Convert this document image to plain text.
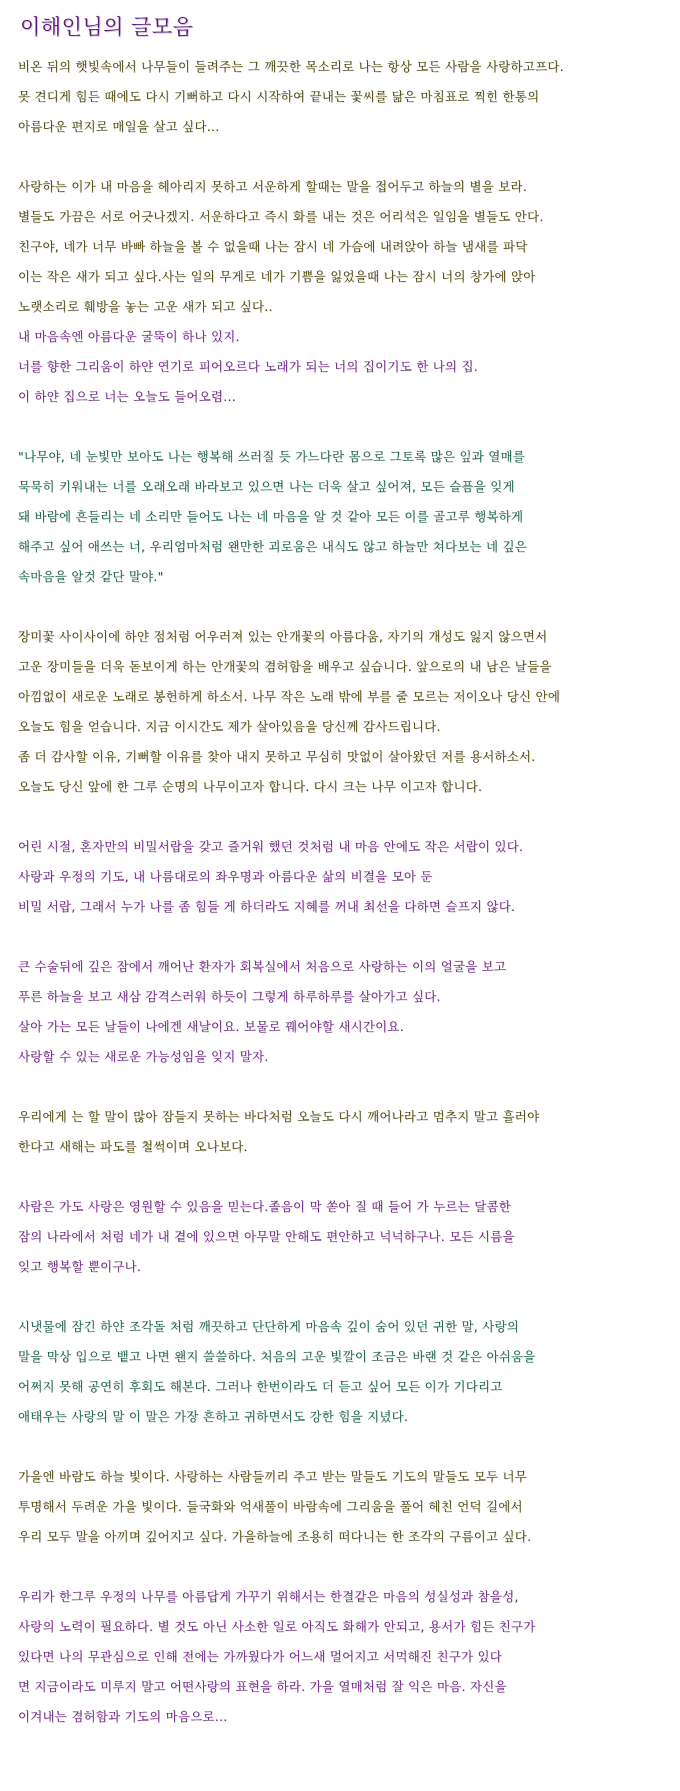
이해인님의 글모음
비온 뒤의 햇빛속에서 나무들이 들려주는 그 깨끗한 목소리로 나는 항상 모든 사람을 사랑하고프다.
못 견디게 힘든 때에도 다시 기뻐하고 다시 시작하여 끝내는 꽃씨를 닮은 마침표로 찍힌 한통의
아름다운 편지로 매일을 살고 싶다...

사랑하는 이가 내 마음을 헤아리지 못하고 서운하게 할때는 말을 접어두고 하늘의 별을 보라.
별들도 가끔은 서로 어긋나겠지. 서운하다고 즉시 화를 내는 것은 어리석은 일임을 별들도 안다.
친구야, 네가 너무 바빠 하늘을 볼 수 없을때 나는 잠시 네 가슴에 내려앉아 하늘 냄새를 파닥
이는 작은 새가 되고 싶다.사는 일의 무게로 네가 기쁨을 잃었을때 나는 잠시 너의 창가에 앉아
노랫소리로 훼방을 놓는 고운 새가 되고 싶다..
내 마음속엔 아름다운 굴뚝이 하나 있지.
너를 향한 그리움이 하얀 연기로 피어오르다 노래가 되는 너의 집이기도 한 나의 집.
이 하얀 집으로 너는 오늘도 들어오렴...

"나무야, 네 눈빛만 보아도 나는 행복해 쓰러질 듯 가느다란 몸으로 그토록 많은 잎과 열매를
묵묵히 키워내는 너를 오래오래 바라보고 있으면 나는 더욱 살고 싶어져, 모든 슬픔을 잊게
돼 바람에 흔들리는 네 소리만 들어도 나는 네 마음을 알 것 같아 모든 이를 골고루 행복하게
해주고 싶어 애쓰는 너, 우리엄마처럼 왠만한 괴로움은 내식도 않고 하늘만 쳐다보는 네 깊은
속마음을 알것 같단 말야."

장미꽃 사이사이에 하얀 점처럼 어우러져 있는 안개꽃의 아름다움, 자기의 개성도 잃지 않으면서
고운 장미들을 더욱 돋보이게 하는 안개꽃의 겸허함을 배우고 싶습니다. 앞으로의 내 남은 날들을
아낌없이 새로운 노래로 봉헌하게 하소서. 나무 작은 노래 밖에 부를 줄 모르는 저이오나 당신 안에
오늘도 힘을 얻습니다. 지금 이시간도 제가 살아있음을 당신께 감사드립니다.
좀 더 감사할 이유, 기뻐할 이유를 찾아 내지 못하고 무심히 맛없이 살아왔던 저를 용서하소서.
오늘도 당신 앞에 한 그루 순명의 나무이고자 합니다. 다시 크는 나무 이고자 합니다.

어린 시절, 혼자만의 비밀서랍을 갖고 즐거워 했던 것처럼 내 마음 안에도 작은 서랍이 있다.
사랑과 우정의 기도, 내 나름대로의 좌우명과 아름다운 삶의 비결을 모아 둔
비밀 서랍, 그래서 누가 나를 좀 힘들 게 하더라도 지혜를 꺼내 최선을 다하면 슬프지 않다.

큰 수술뒤에 깊은 잠에서 깨어난 환자가 회복실에서 처음으로 사랑하는 이의 얼굴을 보고
푸른 하늘을 보고 새삼 감격스러워 하듯이 그렇게 하루하루를 살아가고 싶다.
살아 가는 모든 날들이 나에겐 새날이요. 보물로 꿰어야할 새시간이요.
사랑할 수 있는 새로운 가능성임을 잊지 말자.

우리에게 는 할 말이 많아 잠들지 못하는 바다처럼 오늘도 다시 깨어나라고 멈추지 말고 흘러야
한다고 새해는 파도를 철썩이며 오나보다.

사람은 가도 사랑은 영원할 수 있음을 믿는다.졸음이 막 쏟아 질 때 들어 가 누르는 달콤한
잠의 나라에서 처럼 네가 내 곁에 있으면 아무말 안해도 편안하고 넉넉하구나. 모든 시름을
잊고 행복할 뿐이구나.

시냇물에 잠긴 하얀 조각돌 처럼 깨끗하고 단단하게 마음속 깊이 숨어 있던 귀한 말, 사랑의
말을 막상 입으로 뱉고 나면 왠지 쓸쓸하다. 처음의 고운 빛깔이 조금은 바랜 것 같은 아쉬움을
어쩌지 못해 공연히 후회도 해본다. 그러나 한번이라도 더 듣고 싶어 모든 이가 기다리고
애태우는 사랑의 말 이 말은 가장 흔하고 귀하면서도 강한 힘을 지녔다.

가을엔 바람도 하늘 빛이다. 사랑하는 사람들끼리 주고 받는 말들도 기도의 말들도 모두 너무
투명해서 두려운 가을 빛이다. 들국화와 억새풀이 바람속에 그리움을 풀어 헤친 언덕 길에서
우리 모두 말을 아끼며 깊어지고 싶다. 가을하늘에 조용히 떠다니는 한 조각의 구름이고 싶다.

우리가 한그루 우정의 나무를 아름답게 가꾸기 위해서는 한결같은 마음의 성실성과 참을성,
사랑의 노력이 필요하다. 별 것도 아닌 사소한 일로 아직도 화해가 안되고, 용서가 힘든 친구가
있다면 나의 무관심으로 인해 전에는 가까웠다가 어느새 멀어지고 서먹해진 친구가 있다
면 지금이라도 미루지 말고 어떤사랑의 표현을 하라. 가을 열매처럼 잘 익은 마음. 자신을
이겨내는 겸허함과 기도의 마음으로...
